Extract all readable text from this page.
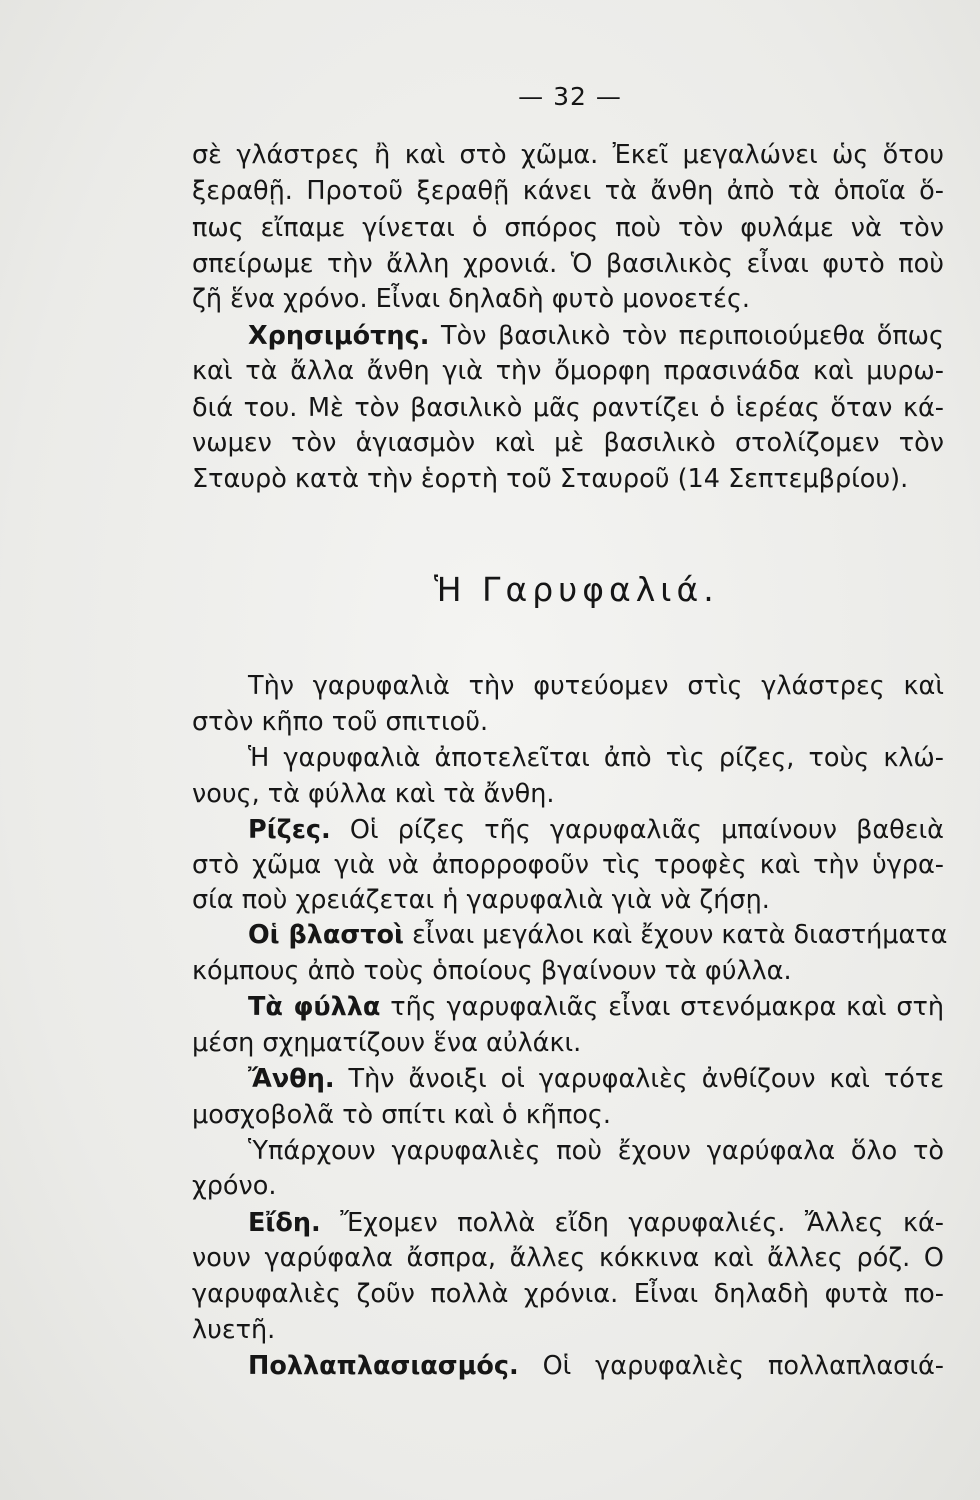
— 32 —
σὲ γλάστρες ἢ καὶ στὸ χῶμα. Ἐκεῖ μεγαλώνει ὡς ὅτου
ξεραθῇ. Προτοῦ ξεραθῇ κάνει τὰ ἄνθη ἀπὸ τὰ ὁποῖα ὅ-
πως εἴπαμε γίνεται ὁ σπόρος ποὺ τὸν φυλάμε νὰ τὸν
σπείρωμε τὴν ἄλλη χρονιά. Ὁ βασιλικὸς εἶναι φυτὸ ποὺ
ζῆ ἕνα χρόνο. Εἶναι δηλαδὴ φυτὸ μονοετές.
Χρησιμότης. Τὸν βασιλικὸ τὸν περιποιούμεθα ὅπως
καὶ τὰ ἄλλα ἄνθη γιὰ τὴν ὄμορφη πρασινάδα καὶ μυρω-
διά του. Μὲ τὸν βασιλικὸ μᾶς ραντίζει ὁ ἱερέας ὅταν κά-
νωμεν τὸν ἁγιασμὸν καὶ μὲ βασιλικὸ στολίζομεν τὸν
Σταυρὸ κατὰ τὴν ἑορτὴ τοῦ Σταυροῦ (14 Σεπτεμβρίου).
Ἡ Γαρυφαλιά.
Τὴν γαρυφαλιὰ τὴν φυτεύομεν στὶς γλάστρες καὶ
στὸν κῆπο τοῦ σπιτιοῦ.
Ἡ γαρυφαλιὰ ἀποτελεῖται ἀπὸ τὶς ρίζες, τοὺς κλώ-
νους, τὰ φύλλα καὶ τὰ ἄνθη.
Ρίζες. Οἱ ρίζες τῆς γαρυφαλιᾶς μπαίνουν βαθειὰ
στὸ χῶμα γιὰ νὰ ἀπορροφοῦν τὶς τροφὲς καὶ τὴν ὑγρα-
σία ποὺ χρειάζεται ἡ γαρυφαλιὰ γιὰ νὰ ζήσῃ.
Οἱ βλαστοὶ εἶναι μεγάλοι καὶ ἔχουν κατὰ διαστήματα
κόμπους ἀπὸ τοὺς ὁποίους βγαίνουν τὰ φύλλα.
Τὰ φύλλα τῆς γαρυφαλιᾶς εἶναι στενόμακρα καὶ στὴ
μέση σχηματίζουν ἕνα αὐλάκι.
Ἄνθη. Τὴν ἄνοιξι οἱ γαρυφαλιὲς ἀνθίζουν καὶ τότε
μοσχοβολᾶ τὸ σπίτι καὶ ὁ κῆπος.
Ὑπάρχουν γαρυφαλιὲς ποὺ ἔχουν γαρύφαλα ὅλο τὸ
χρόνο.
Εἴδη. Ἔχομεν πολλὰ εἴδη γαρυφαλιές. Ἄλλες κά-
νουν γαρύφαλα ἄσπρα, ἄλλες κόκκινα καὶ ἄλλες ρόζ. Ο
γαρυφαλιὲς ζοῦν πολλὰ χρόνια. Εἶναι δηλαδὴ φυτὰ πο-
λυετῆ.
Πολλαπλασιασμός. Οἱ γαρυφαλιὲς πολλαπλασιά-
